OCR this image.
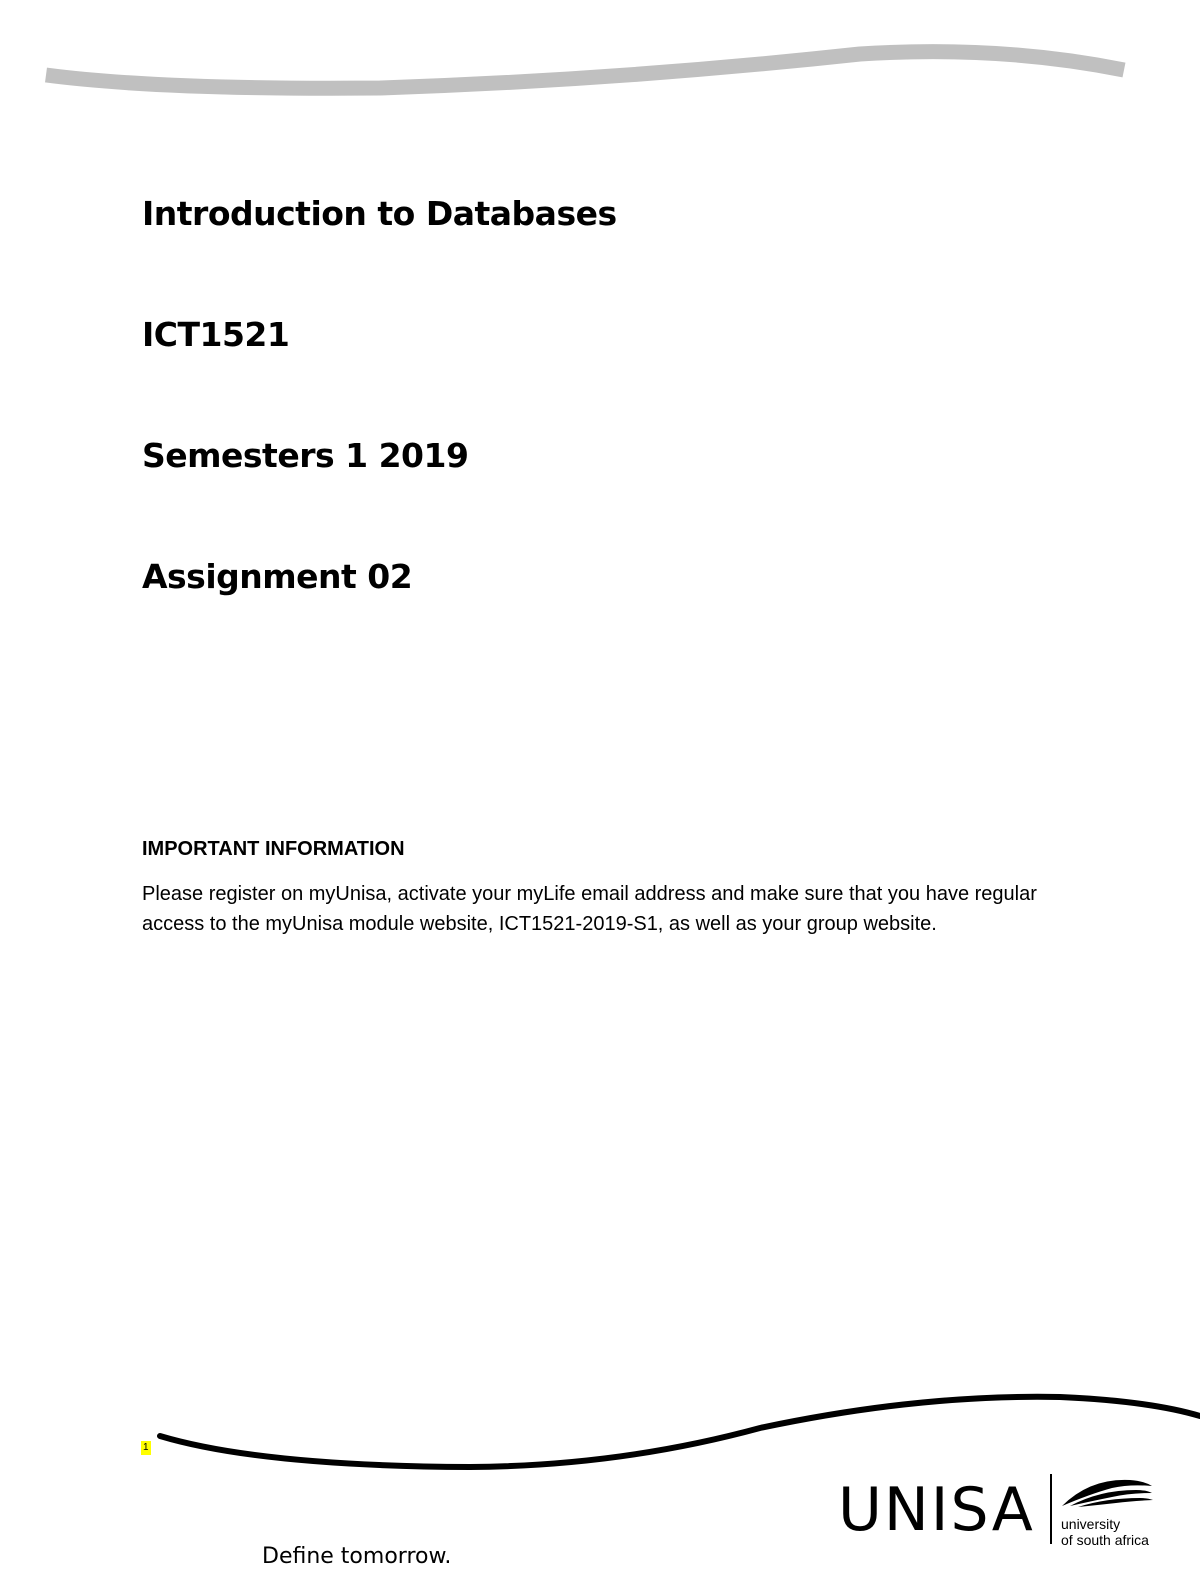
Introduction to Databases
ICT1521
Semesters 1 2019
Assignment 02
IMPORTANT INFORMATION

Please register on myUnisa, activate your myLife email address and make sure that you have regular access to the myUnisa module website, ICT1521-2019-S1, as well as your group website.

1
Define tomorrow.
UNISA university
of south africa
